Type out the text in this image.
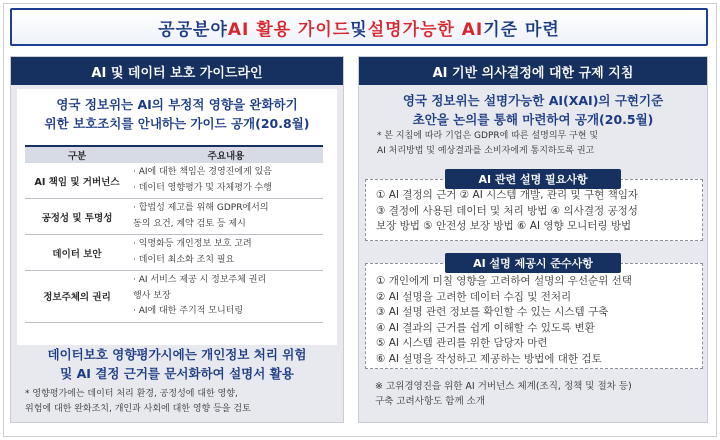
공공분야 AI 활용 가이드 및 설명가능한 AI 기준 마련
AI 및 데이터 보호 가이드라인
영국 정보위는 AI의 부정적 영향을 완화하기
위한 보호조치를 안내하는 가이드 공개(20.8월)
구분	주요내용
AI 책임 및 거버넌스	· AI에 대한 책임은 경영진에게 있음
· 데이터 영향평가 및 자체평가 수행

공정성 및 투명성	· 합법성 제고를 위해 GDPR에서의
동의 요건, 계약 검토 등 제시

데이터 보안	· 익명화등 개인정보 보호 고려
· 데이터 최소화 조치 필요

정보주체의 권리	· AI 서비스 제공 시 정보주체 권리
행사 보장
· AI에 대한 주기적 모니터링
데이터보호 영향평가시에는 개인정보 처리 위험
및 AI 결정 근거를 문서화하여 설명서 활용
* 영향평가에는 데이터 처리 환경, 공정성에 대한 영향,
위험에 대한 완화조치, 개인과 사회에 대한 영향 등을 검토
AI 기반 의사결정에 대한 규제 지침
영국 정보위는 설명가능한 AI(XAI)의 구현기준
초안을 논의를 통해 마련하여 공개(20.5월)
* 본 지침에 따라 기업은 GDPR에 따른 설명의무 구현 및
AI 처리방법 및 예상결과를 소비자에게 통지하도록 권고
① AI 결정의 근거 ② AI 시스템 개발, 관리 및 구현 책임자
③ 결정에 사용된 데이터 및 처리 방법 ④ 의사결정 공정성
보장 방법 ⑤ 안전성 보장 방법 ⑥ AI 영향 모니터링 방법
AI 관련 설명 필요사항
① 개인에게 미칠 영향을 고려하여 설명의 우선순위 선택
② AI 설명을 고려한 데이터 수집 및 전처리
③ AI 설명 관련 정보를 확인할 수 있는 시스템 구축
④ AI 결과의 근거를 쉽게 이해할 수 있도록 변환
⑤ AI 시스템 관리를 위한 담당자 마련
⑥ AI 설명을 작성하고 제공하는 방법에 대한 검토
AI 설명 제공시 준수사항
※ 고위경영진을 위한 AI 거버넌스 체계(조직, 정책 및 절차 등)
구축 고려사항도 함께 소개
